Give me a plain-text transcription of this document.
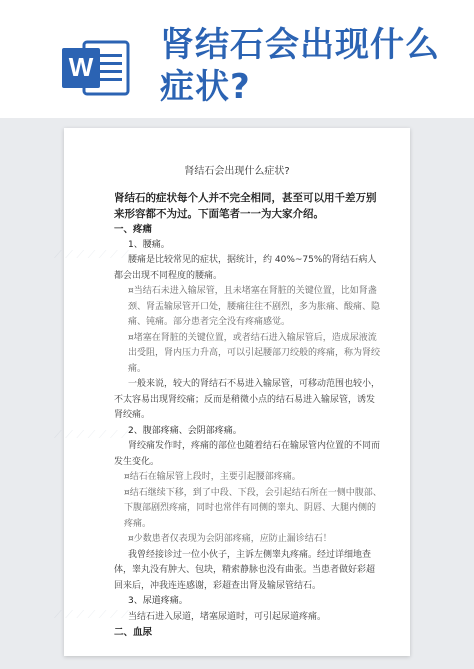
W
肾结石会出现什么
症状?
⟋ ⟋ ⟋ ⟋ ⟋ ⟋ ⟋
⟋ ⟋ ⟋ ⟋ ⟋ ⟋ ⟋
⟋ ⟋ ⟋ ⟋ ⟋ ⟋ ⟋
肾结石会出现什么症状?

肾结石的症状每个人并不完全相同，甚至可以用千差万别来形容都不为过。下面笔者一一为大家介绍。

一、疼痛

1、腰痛。

腰痛是比较常见的症状，据统计，约 40%~75%的肾结石病人都会出现不同程度的腰痛。

¤当结石未进入输尿管，且未堵塞在肾脏的关键位置，比如肾盏颈、肾盂输尿管开口处，腰痛往往不剧烈，多为胀痛、酸痛、隐痛、钝痛。部分患者完全没有疼痛感觉。

¤堵塞在肾脏的关键位置，或者结石进入输尿管后，造成尿液流出受阻，肾内压力升高，可以引起腰部刀绞般的疼痛，称为肾绞痛。

一般来说，较大的肾结石不易进入输尿管，可移动范围也较小，不太容易出现肾绞痛；反而是稍微小点的结石易进入输尿管，诱发肾绞痛。

2、腹部疼痛、会阴部疼痛。

肾绞痛发作时，疼痛的部位也随着结石在输尿管内位置的不同而发生变化。

¤结石在输尿管上段时，主要引起腰部疼痛。

¤结石继续下移，到了中段、下段，会引起结石所在一侧中腹部、下腹部剧烈疼痛，同时也常伴有同侧的睾丸、阴唇、大腿内侧的疼痛。

¤少数患者仅表现为会阴部疼痛，应防止漏诊结石！

我曾经接诊过一位小伙子，主诉左侧睾丸疼痛。经过详细地查体，睾丸没有肿大、包块，精索静脉也没有曲张。当患者做好彩超回来后，冲我连连感谢，彩超查出肾及输尿管结石。

3、尿道疼痛。

当结石进入尿道，堵塞尿道时，可引起尿道疼痛。

二、血尿
